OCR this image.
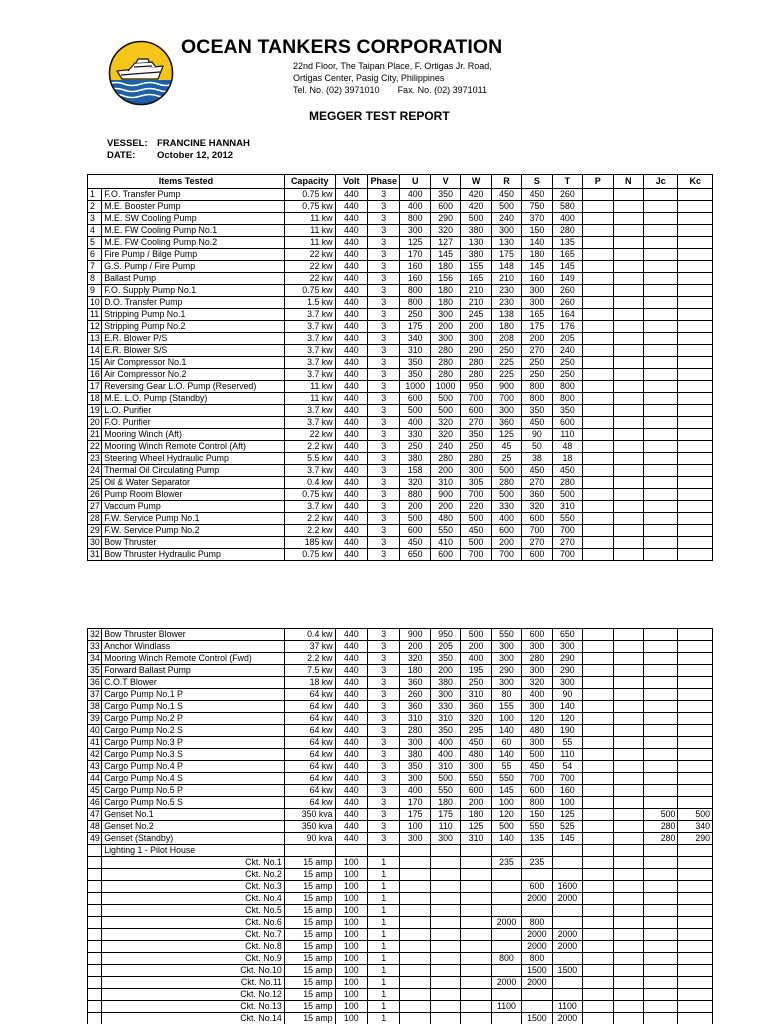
OCEAN TANKERS CORPORATION
22nd Floor, The Taipan Place, F. Ortigas Jr. Road,
Ortigas Center, Pasig City, Philippines
Tel. No. (02) 3971010 Fax. No. (02) 3971011
MEGGER TEST REPORT
VESSEL: FRANCINE HANNAH
DATE: October 12, 2012
Items Tested		Capacity	Volt	Phase	U	V	W	R	S	T	P	N	Jc	Kc
1	F.O. Transfer Pump	0.75 kw	440	3	400	350	420	450	450	260				
2	M.E. Booster Pump	0.75 kw	440	3	400	600	420	500	750	580				
3	M.E. SW Cooling Pump	11 kw	440	3	800	290	500	240	370	400				
4	M.E. FW Cooling Pump No.1	11 kw	440	3	300	320	380	300	150	280				
5	M.E. FW Cooling Pump No.2	11 kw	440	3	125	127	130	130	140	135				
6	Fire Pump / Bilge Pump	22 kw	440	3	170	145	380	175	180	165				
7	G.S. Pump / Fire Pump	22 kw	440	3	160	180	155	148	145	145				
8	Ballast Pump	22 kw	440	3	160	156	165	210	160	149				
9	F.O. Supply Pump No.1	0.75 kw	440	3	800	180	210	230	300	260				
10	D.O. Transfer Pump	1.5 kw	440	3	800	180	210	230	300	260				
11	Stripping Pump No.1	3.7 kw	440	3	250	300	245	138	165	164				
12	Stripping Pump No.2	3.7 kw	440	3	175	200	200	180	175	176				
13	E.R. Blower P/S	3.7 kw	440	3	340	300	300	208	200	205				
14	E.R. Blower S/S	3.7 kw	440	3	310	280	290	250	270	240				
15	Air Compressor No.1	3.7 kw	440	3	350	280	280	225	250	250				
16	Air Compressor No.2	3.7 kw	440	3	350	280	280	225	250	250				
17	Reversing Gear L.O. Pump (Reserved)	11 kw	440	3	1000	1000	950	900	800	800				
18	M.E. L.O. Pump (Standby)	11 kw	440	3	600	500	700	700	800	800				
19	L.O. Purifier	3.7 kw	440	3	500	500	600	300	350	350				
20	F.O. Purifier	3.7 kw	440	3	400	320	270	360	450	600				
21	Mooring Winch (Aft)	22 kw	440	3	330	320	350	125	90	110				
22	Mooring Winch Remote Control (Aft)	2.2 kw	440	3	250	240	250	45	50	48				
23	Steering Wheel Hydraulic Pump	5.5 kw	440	3	380	280	280	25	38	18				
24	Thermal Oil Circulating Pump	3.7 kw	440	3	158	200	300	500	450	450				
25	Oil & Water Separator	0.4 kw	440	3	320	310	305	280	270	280				
26	Pump Room Blower	0.75 kw	440	3	880	900	700	500	360	500				
27	Vaccum Pump	3.7 kw	440	3	200	200	220	330	320	310				
28	F.W. Service Pump No.1	2.2 kw	440	3	500	480	500	400	600	550				
29	F.W. Service Pump No.2	2.2 kw	440	3	600	550	450	600	700	700				
30	Bow Thruster	185 kw	440	3	450	410	500	200	270	270				
31	Bow Thruster Hydraulic Pump	0.75 kw	440	3	650	600	700	700	600	700				
32	Bow Thruster Blower	0.4 kw	440	3	900	950	500	550	600	650				
33	Anchor Windlass	37 kw	440	3	200	205	200	300	300	300				
34	Mooring Winch Remote Control (Fwd)	2.2 kw	440	3	320	350	400	300	280	290				
35	Forward Ballast Pump	7.5 kw	440	3	180	200	195	290	300	290				
36	C.O.T Blower	18 kw	440	3	360	380	250	300	320	300				
37	Cargo Pump No.1 P	64 kw	440	3	260	300	310	80	400	90				
38	Cargo Pump No.1 S	64 kw	440	3	360	330	360	155	300	140				
39	Cargo Pump No.2 P	64 kw	440	3	310	310	320	100	120	120				
40	Cargo Pump No.2 S	64 kw	440	3	280	350	295	140	480	190				
41	Cargo Pump No.3 P	64 kw	440	3	300	400	450	60	300	55				
42	Cargo Pump No.3 S	64 kw	440	3	380	400	480	140	500	110				
43	Cargo Pump No.4 P	64 kw	440	3	350	310	300	55	450	54				
44	Cargo Pump No.4 S	64 kw	440	3	300	500	550	550	700	700				
45	Cargo Pump No.5 P	64 kw	440	3	400	550	600	145	600	160				
46	Cargo Pump No.5 S	64 kw	440	3	170	180	200	100	800	100				
47	Genset No.1	350 kva	440	3	175	175	180	120	150	125			500	500
48	Genset No.2	350 kva	440	3	100	110	125	500	550	525			280	340
49	Genset (Standby)	90 kva	440	3	300	300	310	140	135	145			280	290
	Lighting 1 - Pilot House													
	Ckt. No.1	15 amp	100	1				235	235					
	Ckt. No.2	15 amp	100	1										
	Ckt. No.3	15 amp	100	1					600	1600				
	Ckt. No.4	15 amp	100	1					2000	2000				
	Ckt. No.5	15 amp	100	1										
	Ckt. No.6	15 amp	100	1				2000	800					
	Ckt. No.7	15 amp	100	1					2000	2000				
	Ckt. No.8	15 amp	100	1					2000	2000				
	Ckt. No.9	15 amp	100	1				800	800					
	Ckt. No.10	15 amp	100	1					1500	1500				
	Ckt. No.11	15 amp	100	1				2000	2000					
	Ckt. No.12	15 amp	100	1										
	Ckt. No.13	15 amp	100	1				1100		1100				
	Ckt. No.14	15 amp	100	1					1500	2000				
